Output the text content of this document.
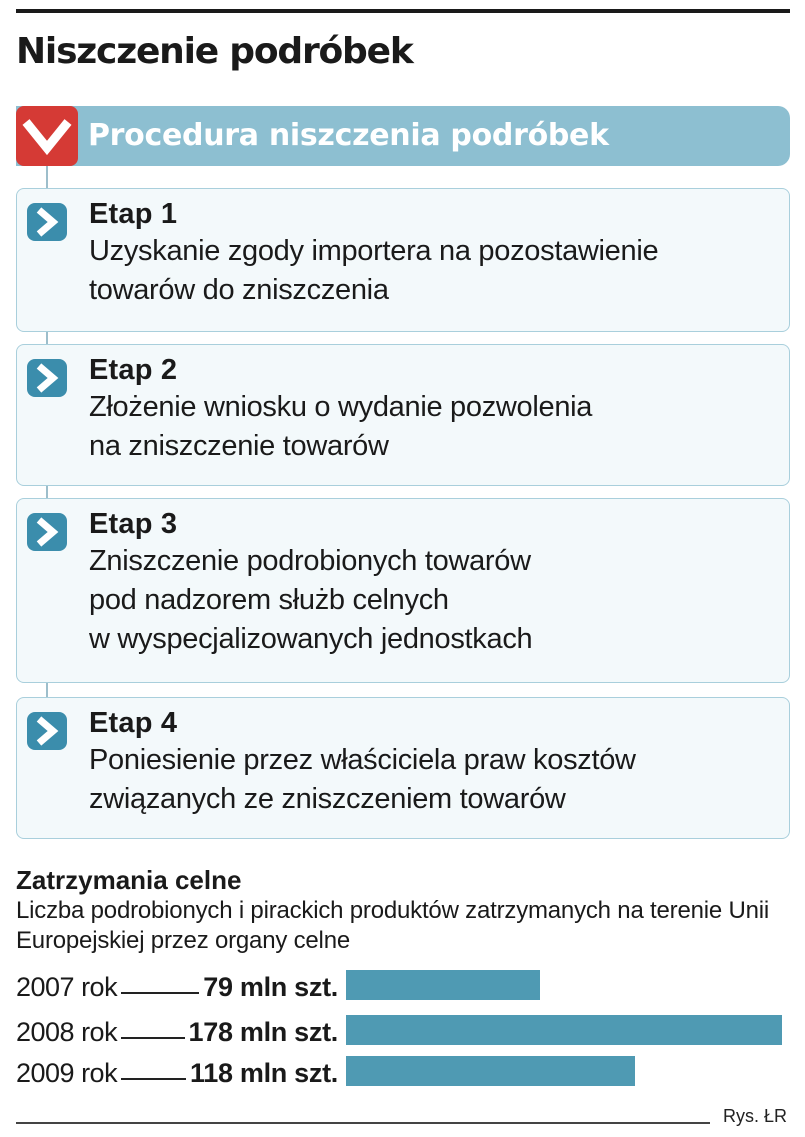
Niszczenie podróbek
Procedura niszczenia podróbek
Etap 1
Uzyskanie zgody importera na pozostawienie
towarów do zniszczenia
Etap 2
Złożenie wniosku o wydanie pozwolenia
na zniszczenie towarów
Etap 3
Zniszczenie podrobionych towarów
pod nadzorem służb celnych
w wyspecjalizowanych jednostkach
Etap 4
Poniesienie przez właściciela praw kosztów
związanych ze zniszczeniem towarów
Zatrzymania celne

Liczba podrobionych i pirackich produktów zatrzymanych na terenie Unii Europejskiej przez organy celne

2007 rok	79 mln szt.
2008 rok	178 mln szt.
2009 rok	118 mln szt.
Rys. ŁR
